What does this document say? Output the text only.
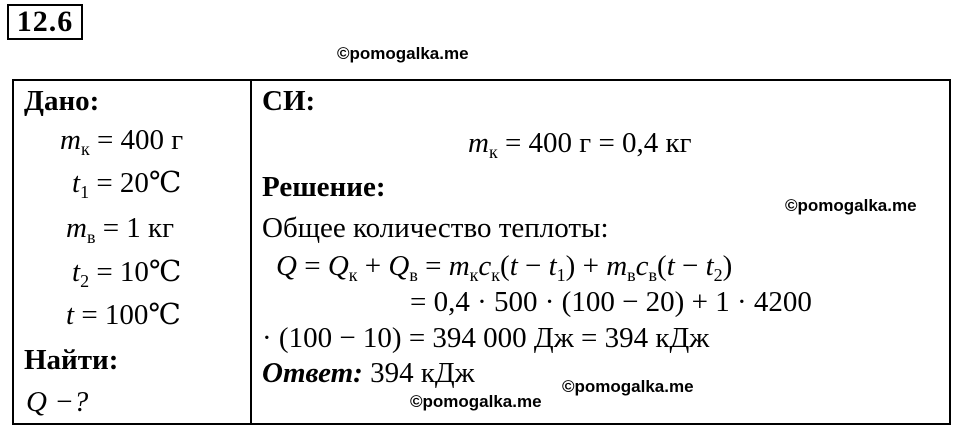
12.6
©pomogalka.me
©pomogalka.me
©pomogalka.me
©pomogalka.me
Дано:
$m_к = 400$ г
$t_1$ = 20℃
$m_в = 1$ кг
$t_2$ = 10℃
t = 100℃
Найти:
Q −?
СИ:
$m_к = 400$ г = 0,4 кг
Решение:
Общее количество теплоты:
$Q = Q_к + Q_в = m_кc_к(t - t_1) + m_вc_в(t - t_2)$
= 0,4 · 500 · (100 − 20) + 1 · 4200
· (100 − 10) = 394 000 Дж = 394 кДж
Ответ: 394 кДж
